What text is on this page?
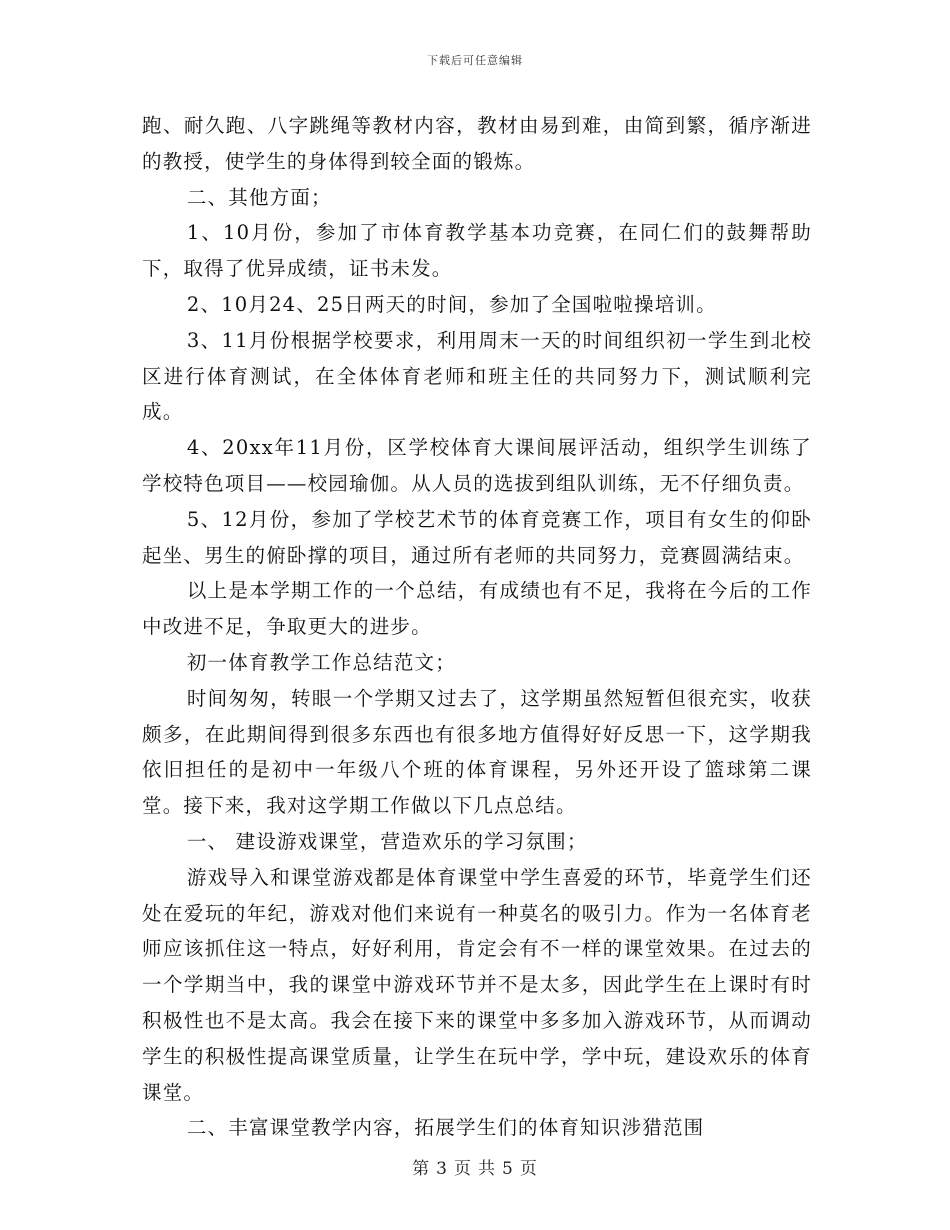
下载后可任意编辑

跑、耐久跑、八字跳绳等教材内容，教材由易到难，由简到繁，循序渐进的教授，使学生的身体得到较全面的锻炼。

二、其他方面；

1、10月份，参加了市体育教学基本功竞赛，在同仁们的鼓舞帮助下，取得了优异成绩，证书未发。

2、10月24、25日两天的时间，参加了全国啦啦操培训。

3、11月份根据学校要求，利用周末一天的时间组织初一学生到北校区进行体育测试，在全体体育老师和班主任的共同努力下，测试顺利完成。

4、20xx年11月份，区学校体育大课间展评活动，组织学生训练了学校特色项目——校园瑜伽。从人员的选拔到组队训练，无不仔细负责。

5、12月份，参加了学校艺术节的体育竞赛工作，项目有女生的仰卧起坐、男生的俯卧撑的项目，通过所有老师的共同努力，竞赛圆满结束。

以上是本学期工作的一个总结，有成绩也有不足，我将在今后的工作中改进不足，争取更大的进步。

初一体育教学工作总结范文；

时间匆匆，转眼一个学期又过去了，这学期虽然短暂但很充实，收获颇多，在此期间得到很多东西也有很多地方值得好好反思一下，这学期我依旧担任的是初中一年级八个班的体育课程，另外还开设了篮球第二课堂。接下来，我对这学期工作做以下几点总结。

一、 建设游戏课堂，营造欢乐的学习氛围；

游戏导入和课堂游戏都是体育课堂中学生喜爱的环节，毕竟学生们还处在爱玩的年纪，游戏对他们来说有一种莫名的吸引力。作为一名体育老师应该抓住这一特点，好好利用，肯定会有不一样的课堂效果。在过去的一个学期当中，我的课堂中游戏环节并不是太多，因此学生在上课时有时积极性也不是太高。我会在接下来的课堂中多多加入游戏环节，从而调动学生的积极性提高课堂质量，让学生在玩中学，学中玩，建设欢乐的体育课堂。

二、丰富课堂教学内容，拓展学生们的体育知识涉猎范围

第 3 页 共 5 页
